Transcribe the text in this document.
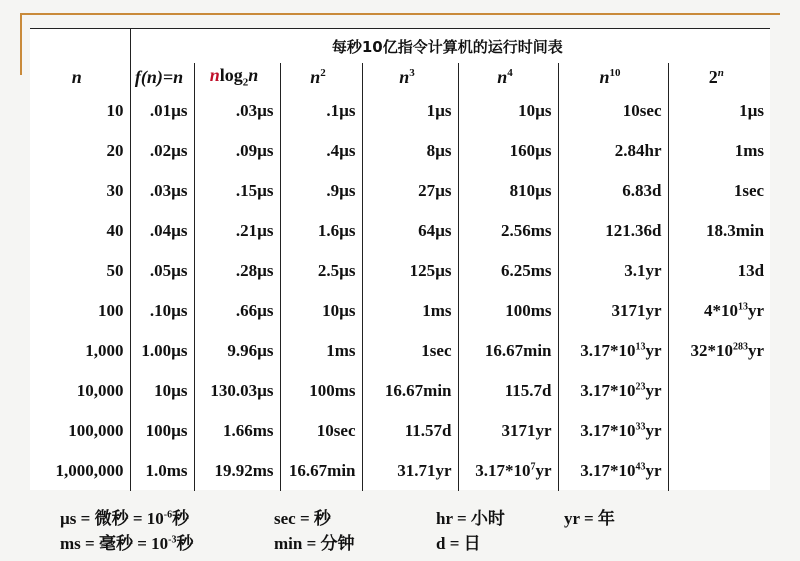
	每秒10亿指令计算机的运行时间表						
n	f(n)=n	nlog$_2$n	$n^2$	$n^3$	$n^4$	$n^{10}$	2$^n$
10	.01µs	.03µs	.1µs	1µs	10µs	10sec	1µs
20	.02µs	.09µs	.4µs	8µs	160µs	2.84hr	1ms
30	.03µs	.15µs	.9µs	27µs	810µs	6.83d	1sec
40	.04µs	.21µs	1.6µs	64µs	2.56ms	121.36d	18.3min
50	.05µs	.28µs	2.5µs	125µs	6.25ms	3.1yr	13d
100	.10µs	.66µs	10µs	1ms	100ms	3171yr	$4*10^{13}yr$
1,000	1.00µs	9.96µs	1ms	1sec	16.67min	$3.17*10^{13}yr$	$32*10^{283}yr$
10,000	10µs	130.03µs	100ms	16.67min	115.7d	$3.17*10^{23}yr$	
100,000	100µs	1.66ms	10sec	11.57d	3171yr	$3.17*10^{33}yr$	
1,000,000	1.0ms	19.92ms	16.67min	31.71yr	$3.17*10^7yr$	$3.17*10^{43}yr$	
µs = 微秒 = $10^{-6}$秒
ms = 毫秒 = $10^{-3}$秒
sec = 秒
min = 分钟
hr = 小时
d = 日
yr = 年
